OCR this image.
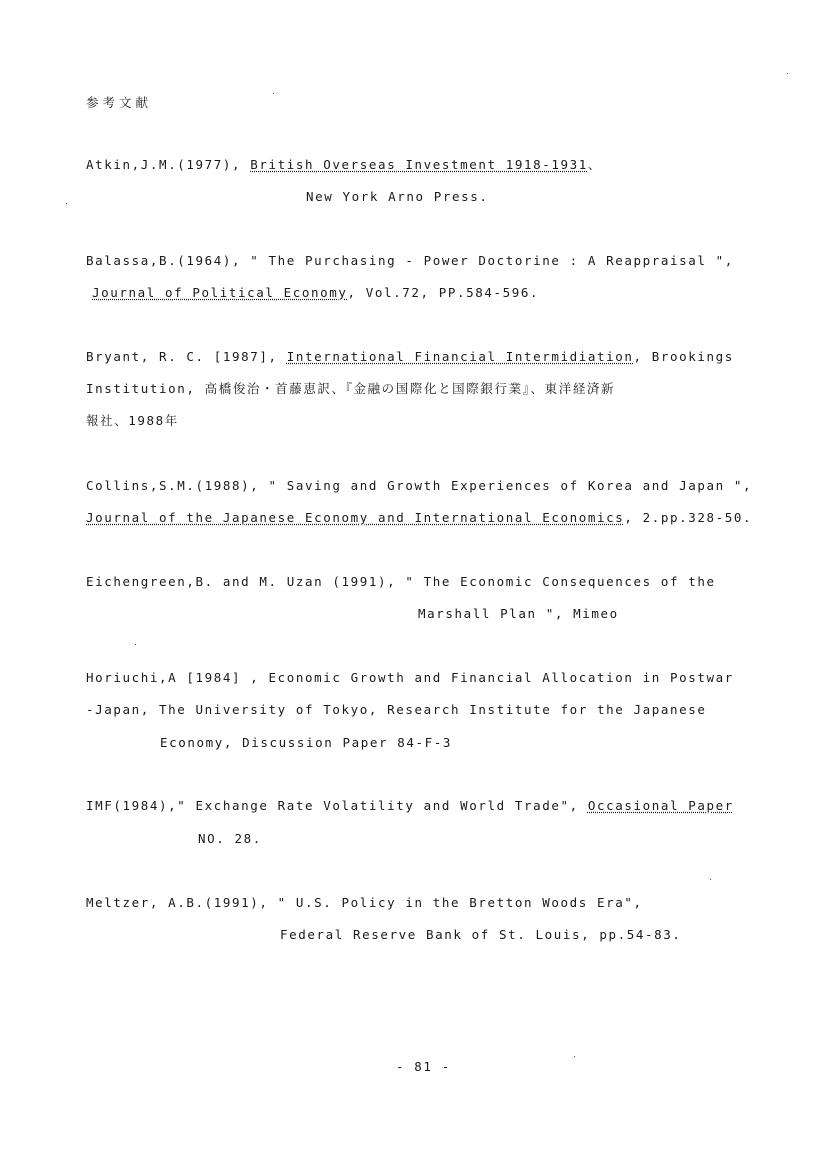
参考文献
Atkin,J.M.(1977), British Overseas Investment 1918-1931、
New York Arno Press.
Balassa,B.(1964), " The Purchasing - Power Doctorine : A Reappraisal ",
Journal of Political Economy, Vol.72, PP.584-596.
Bryant, R. C. [1987], International Financial Intermidiation, Brookings
Institution, 高橋俊治・首藤恵訳、『金融の国際化と国際銀行業』、東洋経済新
報社、1988年
Collins,S.M.(1988), " Saving and Growth Experiences of Korea and Japan ",
Journal of the Japanese Economy and International Economics, 2.pp.328-50.
Eichengreen,B. and M. Uzan (1991), " The Economic Consequences of the
Marshall Plan ", Mimeo
Horiuchi,A [1984] , Economic Growth and Financial Allocation in Postwar
-Japan, The University of Tokyo, Research Institute for the Japanese
Economy, Discussion Paper 84-F-3
IMF(1984)," Exchange Rate Volatility and World Trade", Occasional Paper
NO. 28.
Meltzer, A.B.(1991), " U.S. Policy in the Bretton Woods Era",
Federal Reserve Bank of St. Louis, pp.54-83.
- 81 -
